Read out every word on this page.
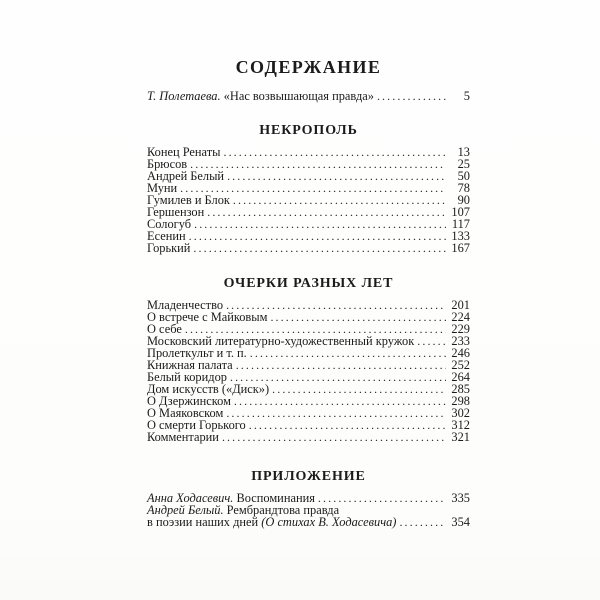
СОДЕРЖАНИЕ
Т. Полетаева. «Нас возвышающая правда» .....	5
НЕКРОПОЛЬ
Конец Ренаты .....	13
Брюсов .....	25
Андрей Белый .....	50
Муни .....	78
Гумилев и Блок .....	90
Гершензон .....	107
Сологуб .....	117
Есенин .....	133
Горький .....	167
ОЧЕРКИ РАЗНЫХ ЛЕТ
Младенчество .....	201
О встрече с Майковым .....	224
О себе .....	229
Московский литературно-художественный кружок .....	233
Пролеткульт и т. п. .....	246
Книжная палата .....	252
Белый коридор .....	264
Дом искусств («Диск») .....	285
О Дзержинском .....	298
О Маяковском .....	302
О смерти Горького .....	312
Комментарии .....	321
ПРИЛОЖЕНИЕ
Анна Ходасевич. Воспоминания .....	335
Андрей Белый. Рембрандтова правда
в поэзии наших дней (О стихах В. Ходасевича) .....	354
